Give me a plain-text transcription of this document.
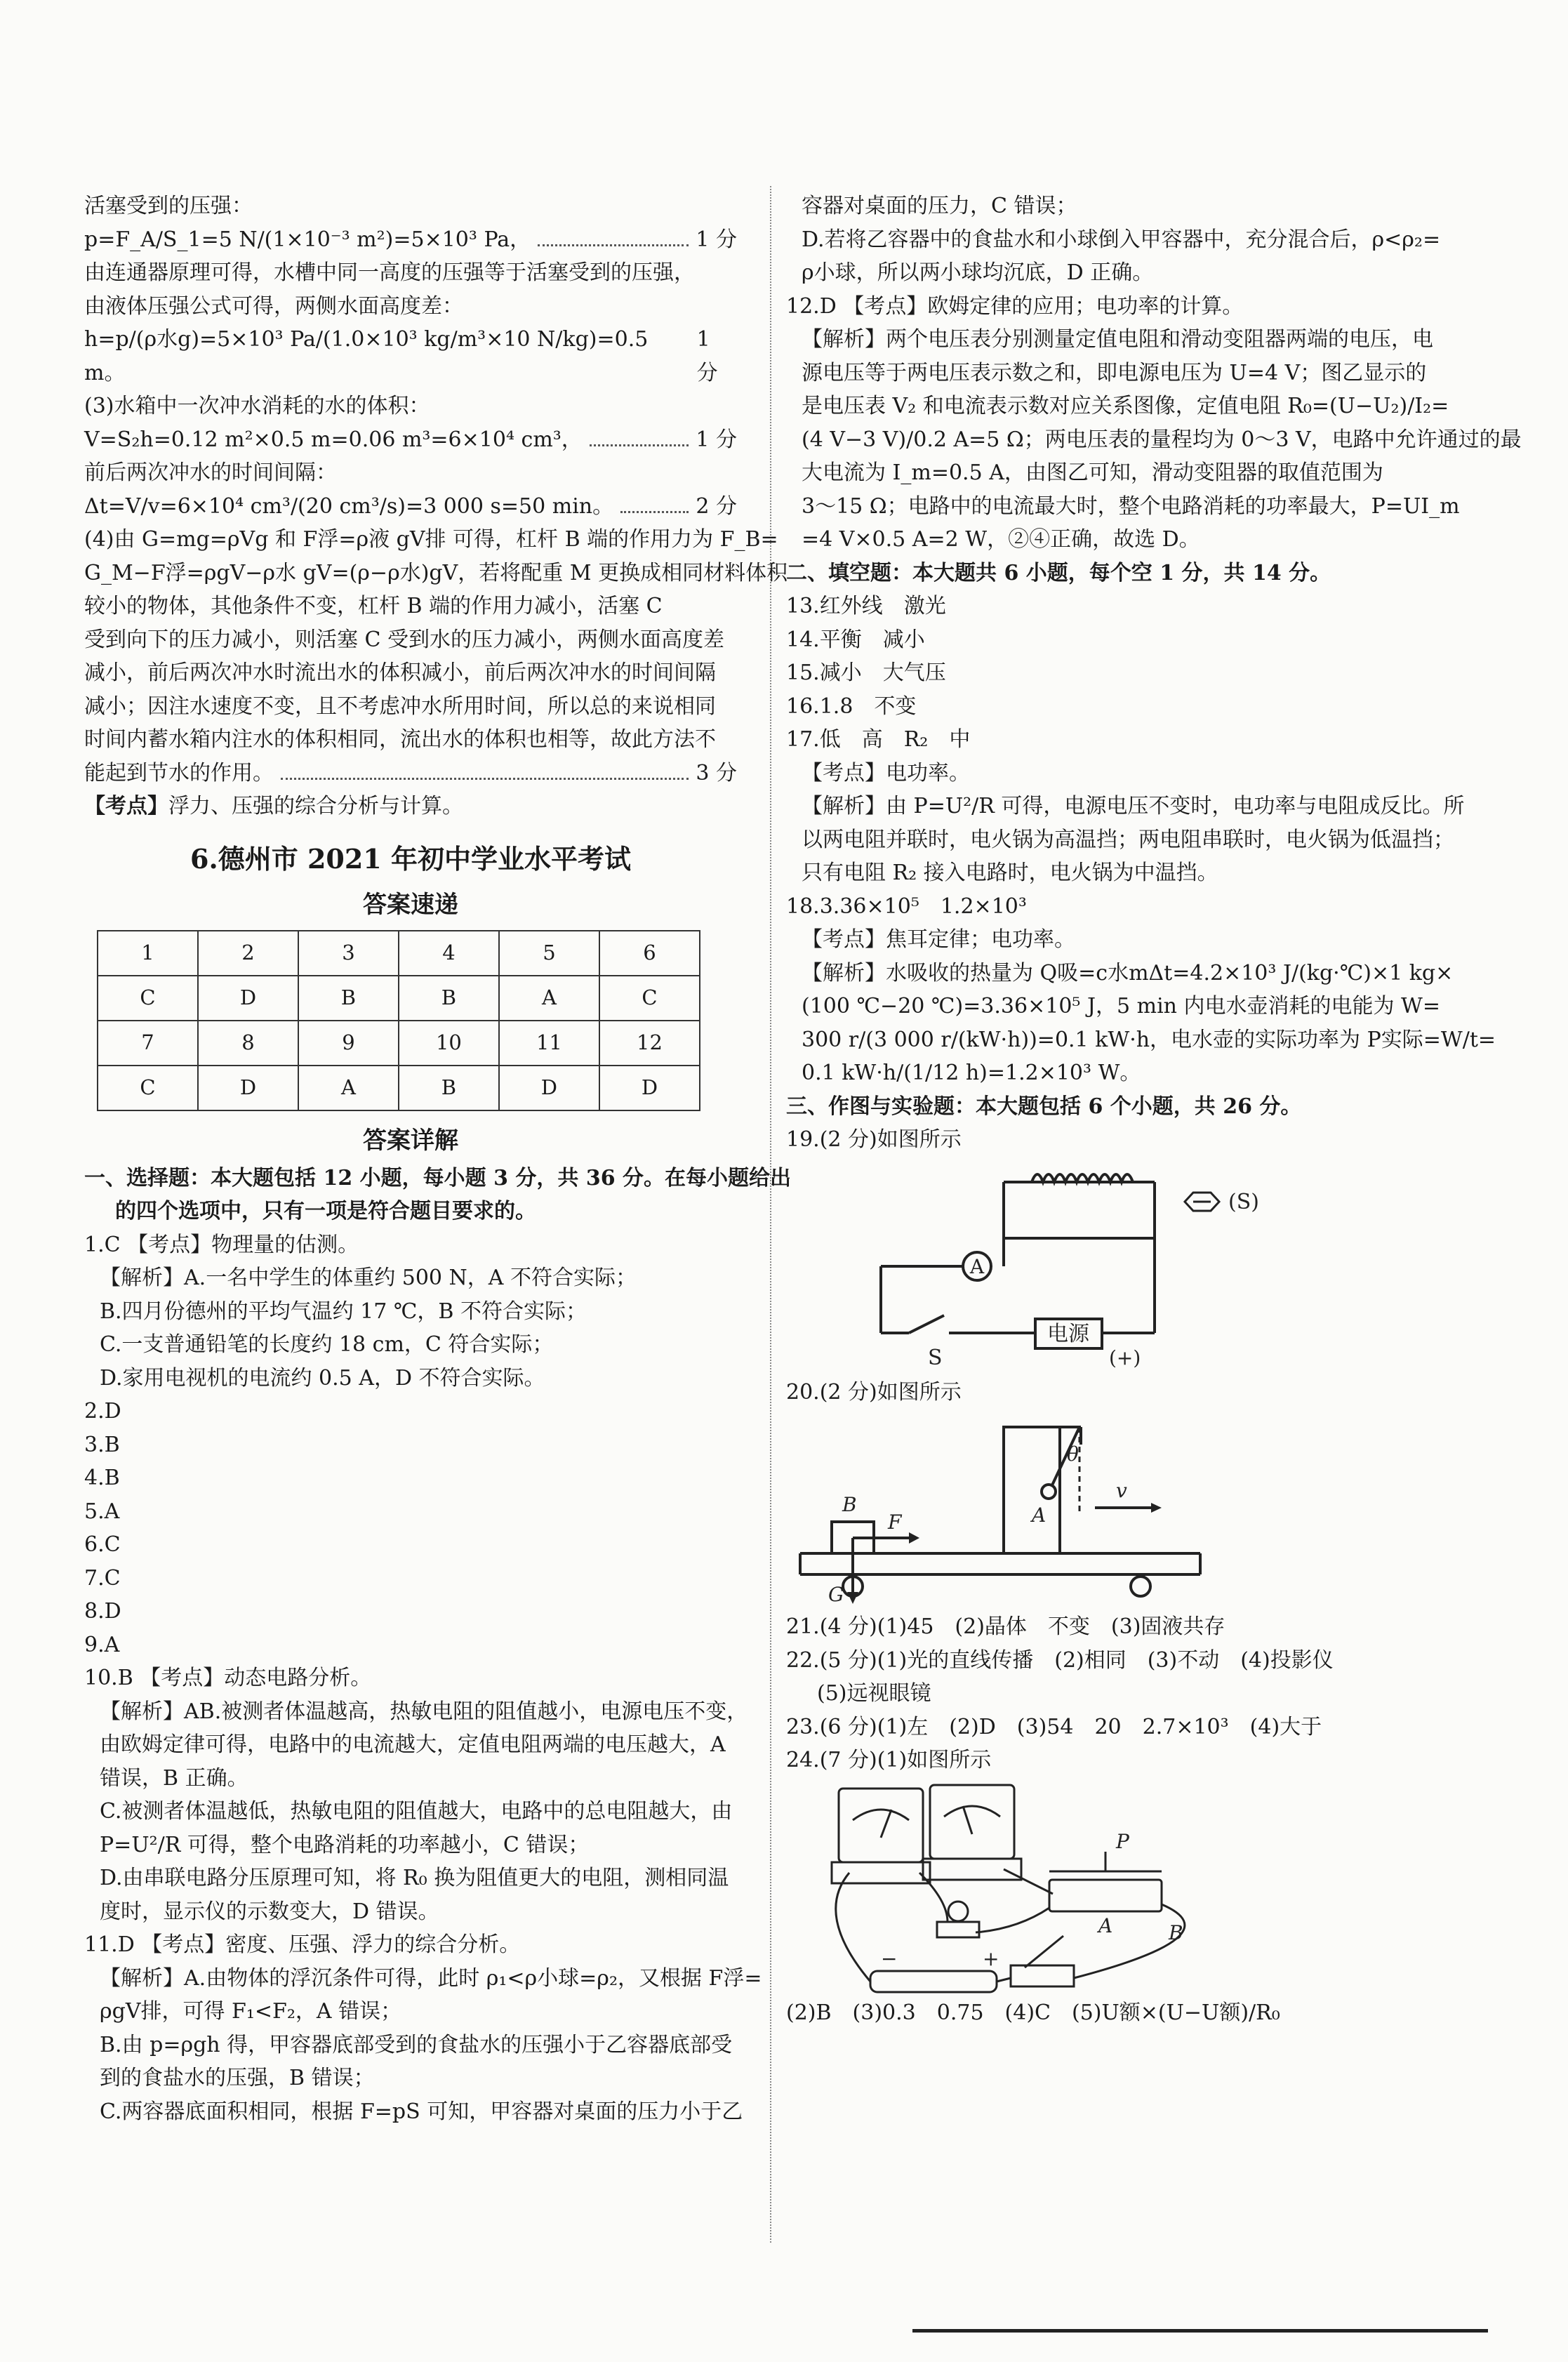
活塞受到的压强：
p=F_A/S_1=5 N/(1×10⁻³ m²)=5×10³ Pa，	1 分
由连通器原理可得，水槽中同一高度的压强等于活塞受到的压强，
由液体压强公式可得，两侧水面高度差：
h=p/(ρ水g)=5×10³ Pa/(1.0×10³ kg/m³×10 N/kg)=0.5 m。
1 分
(3)水箱中一次冲水消耗的水的体积：
V=S₂h=0.12 m²×0.5 m=0.06 m³=6×10⁴ cm³，	1 分
前后两次冲水的时间间隔：
Δt=V/v=6×10⁴ cm³/(20 cm³/s)=3 000 s=50 min。	2 分
(4)由 G=mg=ρVg 和 F浮=ρ液 gV排 可得，杠杆 B 端的作用力为 F_B=
G_M−F浮=ρgV−ρ水 gV=(ρ−ρ水)gV，若将配重 M 更换成相同材料体积
较小的物体，其他条件不变，杠杆 B 端的作用力减小，活塞 C
受到向下的压力减小，则活塞 C 受到水的压力减小，两侧水面高度差
减小，前后两次冲水时流出水的体积减小，前后两次冲水的时间间隔
减小；因注水速度不变，且不考虑冲水所用时间，所以总的来说相同
时间内蓄水箱内注水的体积相同，流出水的体积也相等，故此方法不
能起到节水的作用。	3 分
【考点】浮力、压强的综合分析与计算。
6.德州市 2021 年初中学业水平考试
答案速递
1	2	3	4	5	6
C	D	B	B	A	C
7	8	9	10	11	12
C	D	A	B	D	D
答案详解
一、选择题：本大题包括 12 小题，每小题 3 分，共 36 分。在每小题给出
的四个选项中，只有一项是符合题目要求的。
1.C 【考点】物理量的估测。
【解析】A.一名中学生的体重约 500 N，A 不符合实际；
B.四月份德州的平均气温约 17 ℃，B 不符合实际；
C.一支普通铅笔的长度约 18 cm，C 符合实际；
D.家用电视机的电流约 0.5 A，D 不符合实际。
2.D
3.B
4.B
5.A
6.C
7.C
8.D
9.A
10.B 【考点】动态电路分析。
【解析】AB.被测者体温越高，热敏电阻的阻值越小，电源电压不变，
由欧姆定律可得，电路中的电流越大，定值电阻两端的电压越大，A
错误，B 正确。
C.被测者体温越低，热敏电阻的阻值越大，电路中的总电阻越大，由
P=U²/R 可得，整个电路消耗的功率越小，C 错误；
D.由串联电路分压原理可知，将 R₀ 换为阻值更大的电阻，测相同温
度时，显示仪的示数变大，D 错误。
11.D 【考点】密度、压强、浮力的综合分析。
【解析】A.由物体的浮沉条件可得，此时 ρ₁<ρ小球=ρ₂，又根据 F浮=
ρgV排，可得 F₁<F₂，A 错误；
B.由 p=ρgh 得，甲容器底部受到的食盐水的压强小于乙容器底部受
到的食盐水的压强，B 错误；
C.两容器底面积相同，根据 F=pS 可知，甲容器对桌面的压力小于乙
容器对桌面的压力，C 错误；
D.若将乙容器中的食盐水和小球倒入甲容器中，充分混合后，ρ<ρ₂=
ρ小球，所以两小球均沉底，D 正确。
12.D 【考点】欧姆定律的应用；电功率的计算。
【解析】两个电压表分别测量定值电阻和滑动变阻器两端的电压，电
源电压等于两电压表示数之和，即电源电压为 U=4 V；图乙显示的
是电压表 V₂ 和电流表示数对应关系图像，定值电阻 R₀=(U−U₂)/I₂=
(4 V−3 V)/0.2 A=5 Ω；两电压表的量程均为 0～3 V，电路中允许通过的最
大电流为 I_m=0.5 A，由图乙可知，滑动变阻器的取值范围为
3～15 Ω；电路中的电流最大时，整个电路消耗的功率最大，P=UI_m
=4 V×0.5 A=2 W，②④正确，故选 D。
二、填空题：本大题共 6 小题，每个空 1 分，共 14 分。
13.红外线　激光
14.平衡　减小
15.减小　大气压
16.1.8　不变
17.低　高　R₂　中
【考点】电功率。
【解析】由 P=U²/R 可得，电源电压不变时，电功率与电阻成反比。所
以两电阻并联时，电火锅为高温挡；两电阻串联时，电火锅为低温挡；
只有电阻 R₂ 接入电路时，电火锅为中温挡。
18.3.36×10⁵　1.2×10³
【考点】焦耳定律；电功率。
【解析】水吸收的热量为 Q吸=c水mΔt=4.2×10³ J/(kg·℃)×1 kg×
(100 ℃−20 ℃)=3.36×10⁵ J，5 min 内电水壶消耗的电能为 W=
300 r/(3 000 r/(kW·h))=0.1 kW·h，电水壶的实际功率为 P实际=W/t=
0.1 kW·h/(1/12 h)=1.2×10³ W。
三、作图与实验题：本大题包括 6 个小题，共 26 分。
19.(2 分)如图所示
A
(S)
S
电源
(+)
20.(2 分)如图所示
B
F
G
θ
A
v
21.(4 分)(1)45　(2)晶体　不变　(3)固液共存
22.(5 分)(1)光的直线传播　(2)相同　(3)不动　(4)投影仪
(5)远视眼镜
23.(6 分)(1)左　(2)D　(3)54　20　2.7×10³　(4)大于
24.(7 分)(1)如图所示
P
A	B
−	+
(2)B　(3)0.3　0.75　(4)C　(5)U额×(U−U额)/R₀
